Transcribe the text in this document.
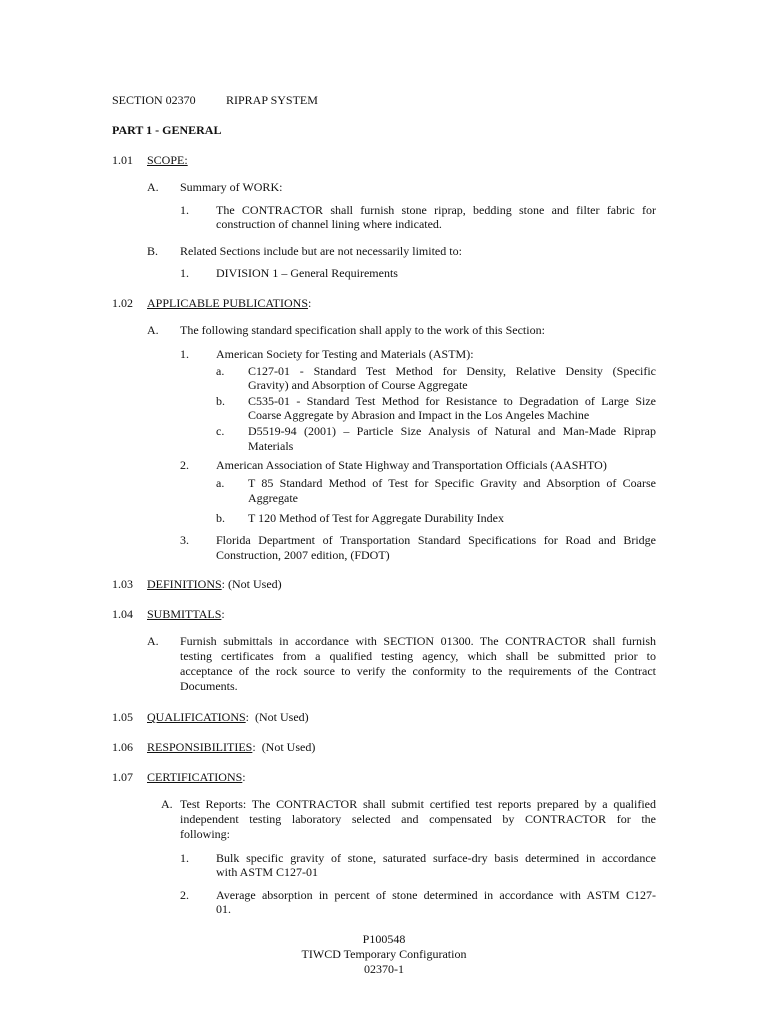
SECTION 02370	RIPRAP SYSTEM
PART 1 - GENERAL
1.01 SCOPE:
A. Summary of WORK:
1. The CONTRACTOR shall furnish stone riprap, bedding stone and filter fabric for
construction of channel lining where indicated.
B. Related Sections include but are not necessarily limited to:
1. DIVISION 1 – General Requirements
1.02 APPLICABLE PUBLICATIONS:
A. The following standard specification shall apply to the work of this Section:
1. American Society for Testing and Materials (ASTM):
a. C127-01 - Standard Test Method for Density, Relative Density (Specific
Gravity) and Absorption of Course Aggregate
b. C535-01 - Standard Test Method for Resistance to Degradation of Large Size
Coarse Aggregate by Abrasion and Impact in the Los Angeles Machine
c. D5519-94 (2001) – Particle Size Analysis of Natural and Man-Made Riprap
Materials
2. American Association of State Highway and Transportation Officials (AASHTO)
a. T 85 Standard Method of Test for Specific Gravity and Absorption of Coarse
Aggregate
b. T 120 Method of Test for Aggregate Durability Index
3. Florida Department of Transportation Standard Specifications for Road and Bridge
Construction, 2007 edition, (FDOT)
1.03 DEFINITIONS: (Not Used)
1.04 SUBMITTALS:
A. Furnish submittals in accordance with SECTION 01300. The CONTRACTOR shall furnish
testing certificates from a qualified testing agency, which shall be submitted prior to
acceptance of the rock source to verify the conformity to the requirements of the Contract
Documents.
1.05 QUALIFICATIONS:  (Not Used)
1.06 RESPONSIBILITIES:  (Not Used)
1.07 CERTIFICATIONS:
A. Test Reports: The CONTRACTOR shall submit certified test reports prepared by a qualified
independent testing laboratory selected and compensated by CONTRACTOR for the
following:
1. Bulk specific gravity of stone, saturated surface-dry basis determined in accordance
with ASTM C127-01
2. Average absorption in percent of stone determined in accordance with ASTM C127-
01.
P100548
TIWCD Temporary Configuration
02370-1
